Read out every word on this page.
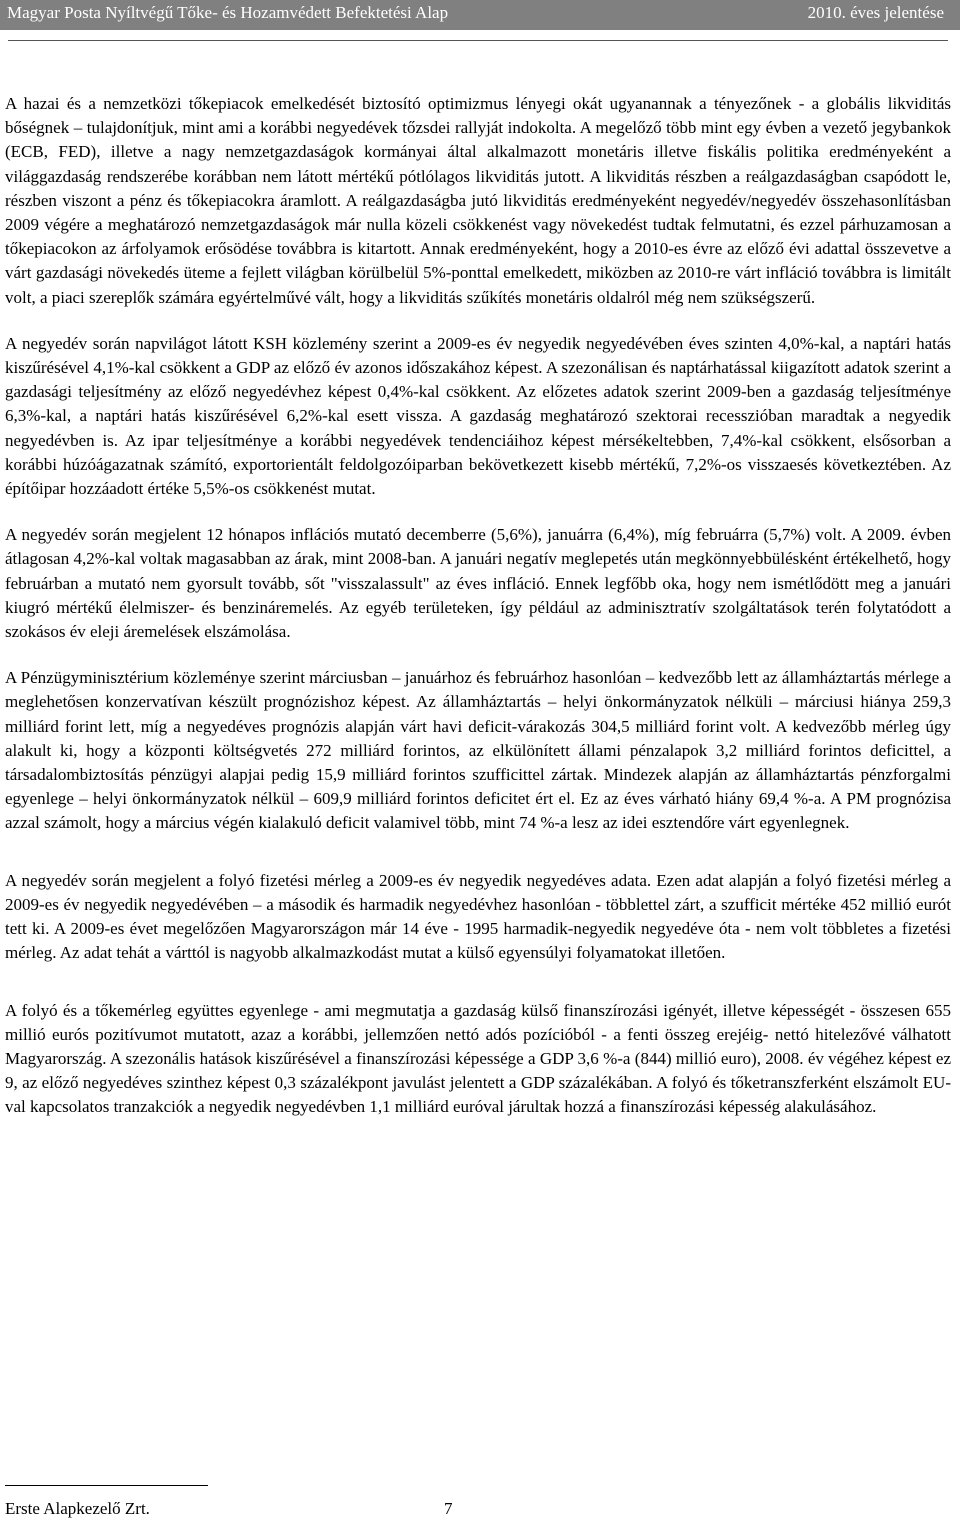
Magyar Posta Nyíltvégű Tőke- és Hozamvédett Befektetési Alap	2010. éves jelentése

A hazai és a nemzetközi tőkepiacok emelkedését biztosító optimizmus lényegi okát ugyanannak a tényezőnek - a globális likviditás bőségnek – tulajdonítjuk, mint ami a korábbi negyedévek tőzsdei rallyját indokolta. A megelőző több mint egy évben a vezető jegybankok (ECB, FED), illetve a nagy nemzetgazdaságok kormányai által alkalmazott monetáris illetve fiskális politika eredményeként a világgazdaság rendszerébe korábban nem látott mértékű pótlólagos likviditás jutott. A likviditás részben a reálgazdaságban csapódott le, részben viszont a pénz és tőkepiacokra áramlott. A reálgazdaságba jutó likviditás eredményeként negyedév/negyedév összehasonlításban 2009 végére a meghatározó nemzetgazdaságok már nulla közeli csökkenést vagy növekedést tudtak felmutatni, és ezzel párhuzamosan a tőkepiacokon az árfolyamok erősödése továbbra is kitartott. Annak eredményeként, hogy a 2010-es évre az előző évi adattal összevetve a várt gazdasági növekedés üteme a fejlett világban körülbelül 5%-ponttal emelkedett, miközben az 2010-re várt infláció továbbra is limitált volt, a piaci szereplők számára egyértelművé vált, hogy a likviditás szűkítés monetáris oldalról még nem szükségszerű.

A negyedév során napvilágot látott KSH közlemény szerint a 2009-es év negyedik negyedévében éves szinten 4,0%-kal, a naptári hatás kiszűrésével 4,1%-kal csökkent a GDP az előző év azonos időszakához képest. A szezonálisan és naptárhatással kiigazított adatok szerint a gazdasági teljesítmény az előző negyedévhez képest 0,4%-kal csökkent. Az előzetes adatok szerint 2009-ben a gazdaság teljesítménye 6,3%-kal, a naptári hatás kiszűrésével 6,2%-kal esett vissza. A gazdaság meghatározó szektorai recesszióban maradtak a negyedik negyedévben is. Az ipar teljesítménye a korábbi negyedévek tendenciáihoz képest mérsékeltebben, 7,4%-kal csökkent, elsősorban a korábbi húzóágazatnak számító, exportorientált feldolgozóiparban bekövetkezett kisebb mértékű, 7,2%-os visszaesés következtében. Az építőipar hozzáadott értéke 5,5%-os csökkenést mutat.

A negyedév során megjelent 12 hónapos inflációs mutató decemberre (5,6%), januárra (6,4%), míg februárra (5,7%) volt. A 2009. évben átlagosan 4,2%-kal voltak magasabban az árak, mint 2008-ban. A januári negatív meglepetés után megkönnyebbülésként értékelhető, hogy februárban a mutató nem gyorsult tovább, sőt "visszalassult" az éves infláció. Ennek legfőbb oka, hogy nem ismétlődött meg a januári kiugró mértékű élelmiszer- és benzináremelés. Az egyéb területeken, így például az adminisztratív szolgáltatások terén folytatódott a szokásos év eleji áremelések elszámolása.

A Pénzügyminisztérium közleménye szerint márciusban – januárhoz és februárhoz hasonlóan – kedvezőbb lett az államháztartás mérlege a meglehetősen konzervatívan készült prognózishoz képest. Az államháztartás – helyi önkormányzatok nélküli – márciusi hiánya 259,3 milliárd forint lett, míg a negyedéves prognózis alapján várt havi deficit-várakozás 304,5 milliárd forint volt. A kedvezőbb mérleg úgy alakult ki, hogy a központi költségvetés 272 milliárd forintos, az elkülönített állami pénzalapok 3,2 milliárd forintos deficittel, a társadalombiztosítás pénzügyi alapjai pedig 15,9 milliárd forintos szufficittel zártak. Mindezek alapján az államháztartás pénzforgalmi egyenlege – helyi önkormányzatok nélkül – 609,9 milliárd forintos deficitet ért el. Ez az éves várható hiány 69,4 %-a. A PM prognózisa azzal számolt, hogy a március végén kialakuló deficit valamivel több, mint 74 %-a lesz az idei esztendőre várt egyenlegnek.

A negyedév során megjelent a folyó fizetési mérleg a 2009-es év negyedik negyedéves adata. Ezen adat alapján a folyó fizetési mérleg a 2009-es év negyedik negyedévében – a második és harmadik negyedévhez hasonlóan - többlettel zárt, a szufficit mértéke 452 millió eurót tett ki. A 2009-es évet megelőzően Magyarországon már 14 éve - 1995 harmadik-negyedik negyedéve óta - nem volt többletes a fizetési mérleg. Az adat tehát a várttól is nagyobb alkalmazkodást mutat a külső egyensúlyi folyamatokat illetően.

A folyó és a tőkemérleg együttes egyenlege - ami megmutatja a gazdaság külső finanszírozási igényét, illetve képességét - összesen 655 millió eurós pozitívumot mutatott, azaz a korábbi, jellemzően nettó adós pozícióból - a fenti összeg erejéig- nettó hitelezővé válhatott Magyarország. A szezonális hatások kiszűrésével a finanszírozási képessége a GDP 3,6 %-a (844) millió euro), 2008. év végéhez képest ez 9, az előző negyedéves szinthez képest 0,3 százalékpont javulást jelentett a GDP százalékában. A folyó és tőketranszferként elszámolt EU-val kapcsolatos tranzakciók a negyedik negyedévben 1,1 milliárd euróval járultak hozzá a finanszírozási képesség alakulásához.

Erste Alapkezelő Zrt.	7
